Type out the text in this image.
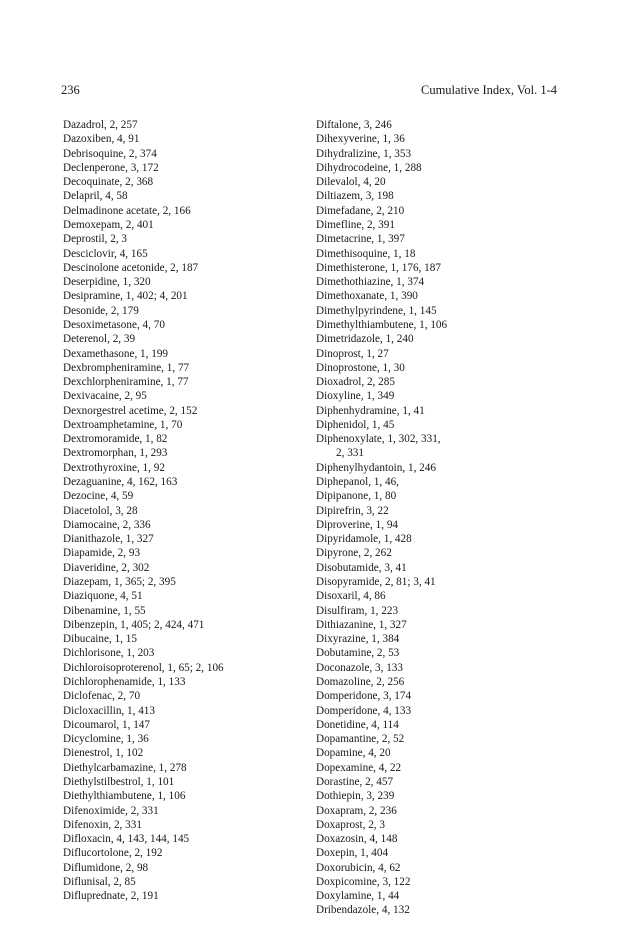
236	Cumulative Index, Vol. 1-4
Dazadrol, 2, 257
Dazoxiben, 4, 91
Debrisoquine, 2, 374
Declenperone, 3, 172
Decoquinate, 2, 368
Delapril, 4, 58
Delmadinone acetate, 2, 166
Demoxepam, 2, 401
Deprostil, 2, 3
Desciclovir, 4, 165
Descinolone acetonide, 2, 187
Deserpidine, 1, 320
Desipramine, 1, 402; 4, 201
Desonide, 2, 179
Desoximetasone, 4, 70
Deterenol, 2, 39
Dexamethasone, 1, 199
Dexbrompheniramine, 1, 77
Dexchlorpheniramine, 1, 77
Dexivacaine, 2, 95
Dexnorgestrel acetime, 2, 152
Dextroamphetamine, 1, 70
Dextromoramide, 1, 82
Dextromorphan, 1, 293
Dextrothyroxine, 1, 92
Dezaguanine, 4, 162, 163
Dezocine, 4, 59
Diacetolol, 3, 28
Diamocaine, 2, 336
Dianithazole, 1, 327
Diapamide, 2, 93
Diaveridine, 2, 302
Diazepam, 1, 365; 2, 395
Diaziquone, 4, 51
Dibenamine, 1, 55
Dibenzepin, 1, 405; 2, 424, 471
Dibucaine, 1, 15
Dichlorisone, 1, 203
Dichloroisoproterenol, 1, 65; 2, 106
Dichlorophenamide, 1, 133
Diclofenac, 2, 70
Dicloxacillin, 1, 413
Dicoumarol, 1, 147
Dicyclomine, 1, 36
Dienestrol, 1, 102
Diethylcarbamazine, 1, 278
Diethylstilbestrol, 1, 101
Diethylthiambutene, 1, 106
Difenoximide, 2, 331
Difenoxin, 2, 331
Difloxacin, 4, 143, 144, 145
Diflucortolone, 2, 192
Diflumidone, 2, 98
Diflunisal, 2, 85
Difluprednate, 2, 191
Diftalone, 3, 246
Dihexyverine, 1, 36
Dihydralizine, 1, 353
Dihydrocodeine, 1, 288
Dilevalol, 4, 20
Diltiazem, 3, 198
Dimefadane, 2, 210
Dimefline, 2, 391
Dimetacrine, 1, 397
Dimethisoquine, 1, 18
Dimethisterone, 1, 176, 187
Dimethothiazine, 1, 374
Dimethoxanate, 1, 390
Dimethylpyrindene, 1, 145
Dimethylthiambutene, 1, 106
Dimetridazole, 1, 240
Dinoprost, 1, 27
Dinoprostone, 1, 30
Dioxadrol, 2, 285
Dioxyline, 1, 349
Diphenhydramine, 1, 41
Diphenidol, 1, 45
Diphenoxylate, 1, 302, 331,
2, 331
Diphenylhydantoin, 1, 246
Diphepanol, 1, 46,
Dipipanone, 1, 80
Dipirefrin, 3, 22
Diproverine, 1, 94
Dipyridamole, 1, 428
Dipyrone, 2, 262
Disobutamide, 3, 41
Disopyramide, 2, 81; 3, 41
Disoxaril, 4, 86
Disulfiram, 1, 223
Dithiazanine, 1, 327
Dixyrazine, 1, 384
Dobutamine, 2, 53
Doconazole, 3, 133
Domazoline, 2, 256
Domperidone, 3, 174
Domperidone, 4, 133
Donetidine, 4, 114
Dopamantine, 2, 52
Dopamine, 4, 20
Dopexamine, 4, 22
Dorastine, 2, 457
Dothiepin, 3, 239
Doxapram, 2, 236
Doxaprost, 2, 3
Doxazosin, 4, 148
Doxepin, 1, 404
Doxorubicin, 4, 62
Doxpicomine, 3, 122
Doxylamine, 1, 44
Dribendazole, 4, 132
